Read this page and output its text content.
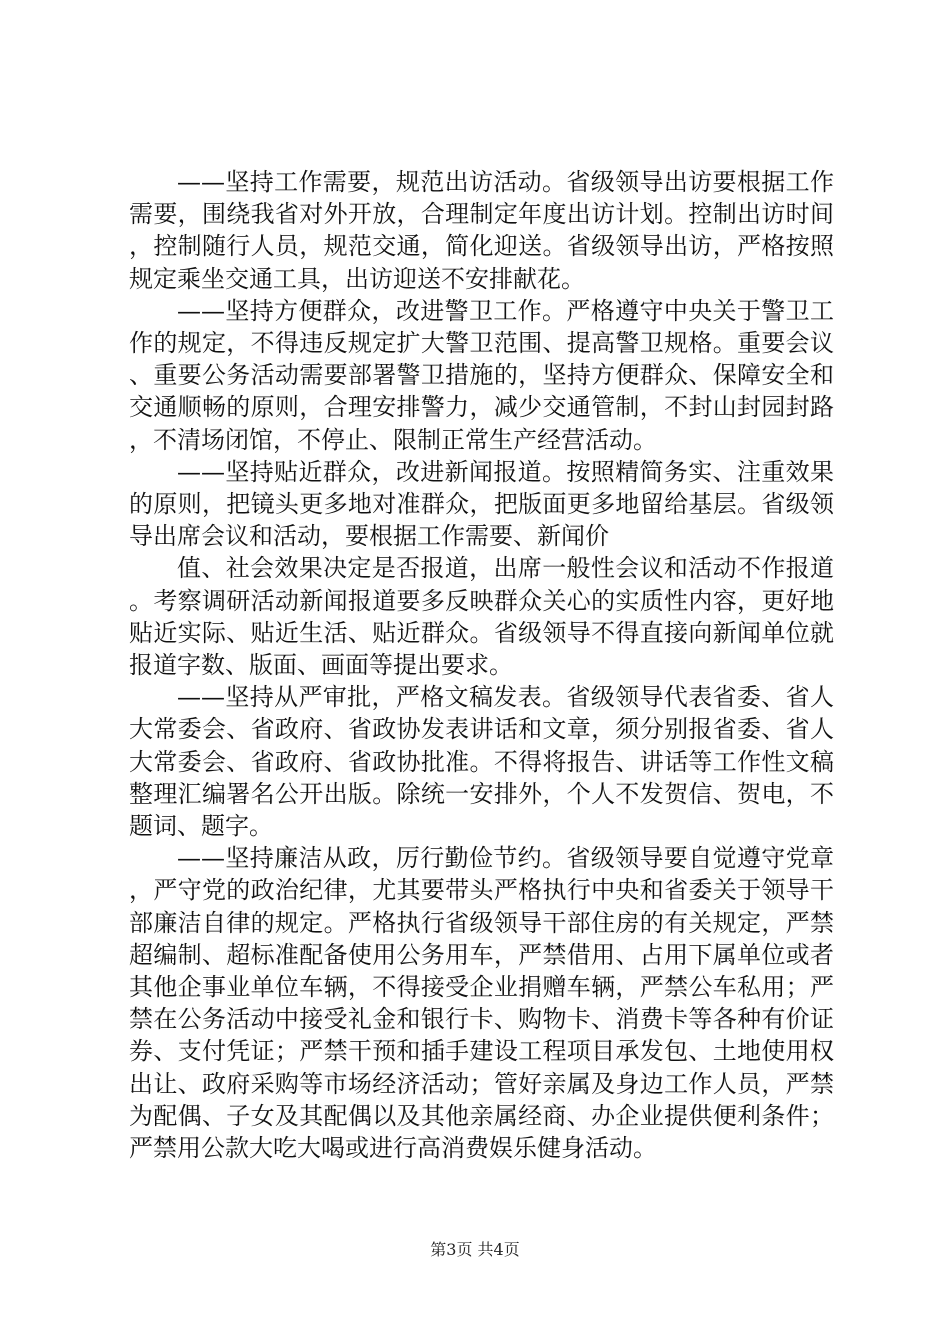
——坚持工作需要，规范出访活动。省级领导出访要根据工作需要，围绕我省对外开放，合理制定年度出访计划。控制出访时间，控制随行人员，规范交通，简化迎送。省级领导出访，严格按照规定乘坐交通工具，出访迎送不安排献花。

——坚持方便群众，改进警卫工作。严格遵守中央关于警卫工作的规定，不得违反规定扩大警卫范围、提高警卫规格。重要会议、重要公务活动需要部署警卫措施的，坚持方便群众、保障安全和交通顺畅的原则，合理安排警力，减少交通管制，不封山封园封路，不清场闭馆，不停止、限制正常生产经营活动。

——坚持贴近群众，改进新闻报道。按照精简务实、注重效果的原则，把镜头更多地对准群众，把版面更多地留给基层。省级领导出席会议和活动，要根据工作需要、新闻价

值、社会效果决定是否报道，出席一般性会议和活动不作报道。考察调研活动新闻报道要多反映群众关心的实质性内容，更好地贴近实际、贴近生活、贴近群众。省级领导不得直接向新闻单位就报道字数、版面、画面等提出要求。

——坚持从严审批，严格文稿发表。省级领导代表省委、省人大常委会、省政府、省政协发表讲话和文章，须分别报省委、省人大常委会、省政府、省政协批准。不得将报告、讲话等工作性文稿整理汇编署名公开出版。除统一安排外，个人不发贺信、贺电，不题词、题字。

——坚持廉洁从政，厉行勤俭节约。省级领导要自觉遵守党章，严守党的政治纪律，尤其要带头严格执行中央和省委关于领导干部廉洁自律的规定。严格执行省级领导干部住房的有关规定，严禁超编制、超标准配备使用公务用车，严禁借用、占用下属单位或者其他企事业单位车辆，不得接受企业捐赠车辆，严禁公车私用；严禁在公务活动中接受礼金和银行卡、购物卡、消费卡等各种有价证券、支付凭证；严禁干预和插手建设工程项目承发包、土地使用权出让、政府采购等市场经济活动；管好亲属及身边工作人员，严禁为配偶、子女及其配偶以及其他亲属经商、办企业提供便利条件；严禁用公款大吃大喝或进行高消费娱乐健身活动。

第3页 共4页
